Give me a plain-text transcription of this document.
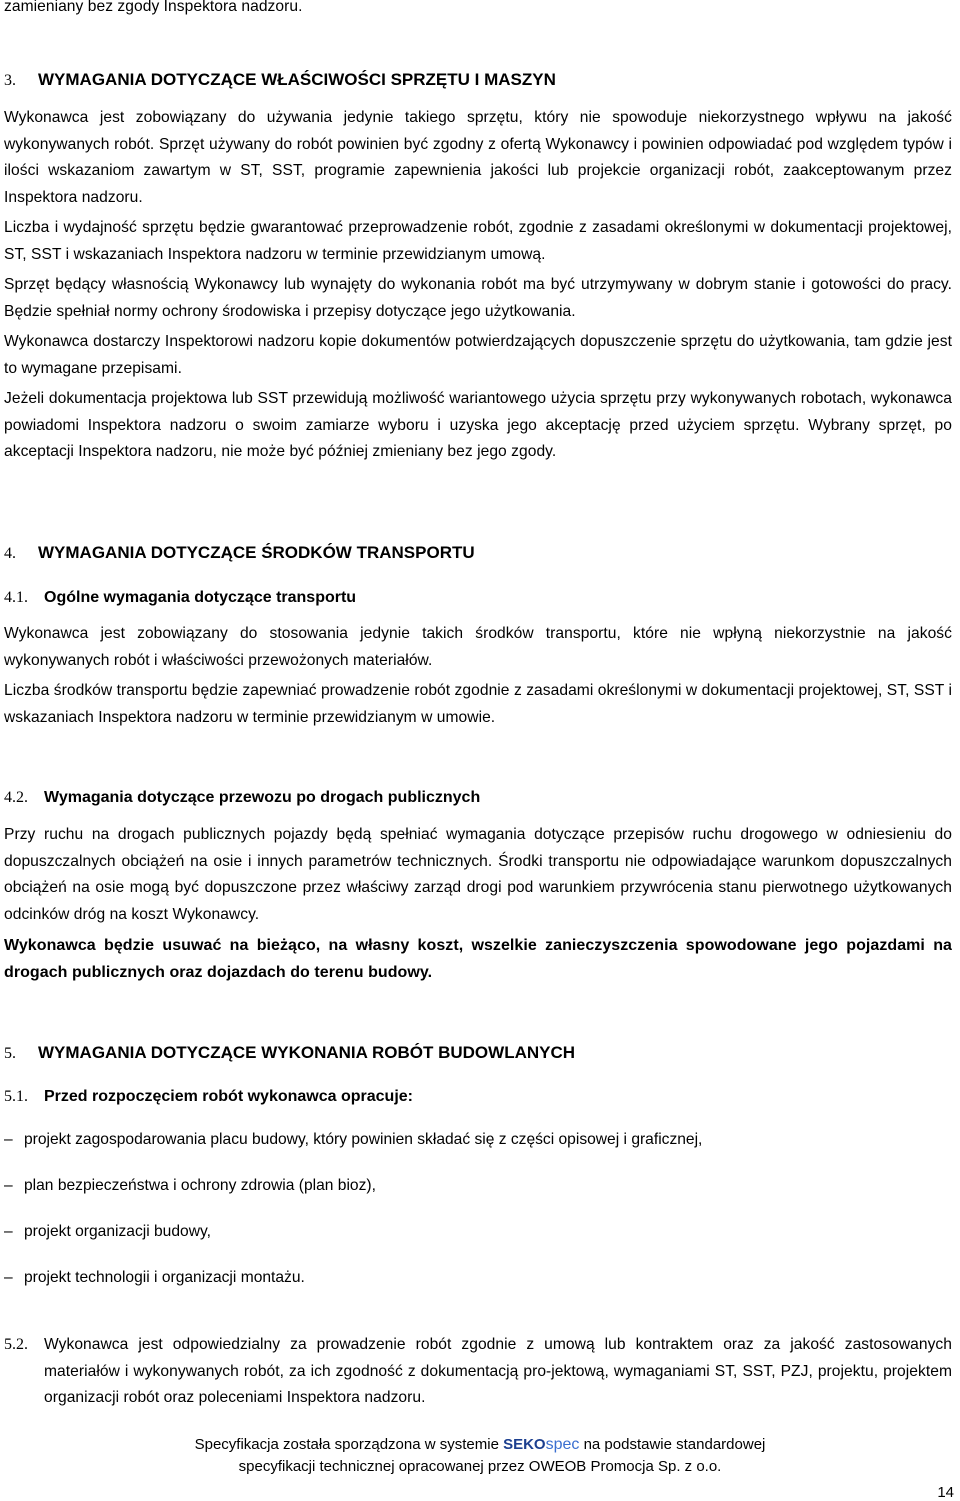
zamieniany bez zgody Inspektora nadzoru.

3. WYMAGANIA DOTYCZĄCE WŁAŚCIWOŚCI SPRZĘTU I MASZYN

Wykonawca jest zobowiązany do używania jedynie takiego sprzętu, który nie spowoduje niekorzystnego wpływu na jakość wykonywanych robót. Sprzęt używany do robót powinien być zgodny z ofertą Wykonawcy i powinien odpowiadać pod względem typów i ilości wskazaniom zawartym w ST, SST, programie zapewnienia jakości lub projekcie organizacji robót, zaakceptowanym przez Inspektora nadzoru.

Liczba i wydajność sprzętu będzie gwarantować przeprowadzenie robót, zgodnie z zasadami określonymi w dokumentacji projektowej, ST, SST i wskazaniach Inspektora nadzoru w terminie przewidzianym umową.

Sprzęt będący własnością Wykonawcy lub wynajęty do wykonania robót ma być utrzymywany w dobrym stanie i gotowości do pracy. Będzie spełniał normy ochrony środowiska i przepisy dotyczące jego użytkowania.

Wykonawca dostarczy Inspektorowi nadzoru kopie dokumentów potwierdzających dopuszczenie sprzętu do użytkowania, tam gdzie jest to wymagane przepisami.

Jeżeli dokumentacja projektowa lub SST przewidują możliwość wariantowego użycia sprzętu przy wykonywanych robotach, wykonawca powiadomi Inspektora nadzoru o swoim zamiarze wyboru i uzyska jego akceptację przed użyciem sprzętu. Wybrany sprzęt, po akceptacji Inspektora nadzoru, nie może być później zmieniany bez jego zgody.

4. WYMAGANIA DOTYCZĄCE ŚRODKÓW TRANSPORTU

4.1. Ogólne wymagania dotyczące transportu

Wykonawca jest zobowiązany do stosowania jedynie takich środków transportu, które nie wpłyną niekorzystnie na jakość wykonywanych robót i właściwości przewożonych materiałów.

Liczba środków transportu będzie zapewniać prowadzenie robót zgodnie z zasadami określonymi w dokumentacji projektowej, ST, SST i wskazaniach Inspektora nadzoru w terminie przewidzianym w umowie.

4.2. Wymagania dotyczące przewozu po drogach publicznych

Przy ruchu na drogach publicznych pojazdy będą spełniać wymagania dotyczące przepisów ruchu drogowego w odniesieniu do dopuszczalnych obciążeń na osie i innych parametrów technicznych. Środki transportu nie odpowiadające warunkom dopuszczalnych obciążeń na osie mogą być dopuszczone przez właściwy zarząd drogi pod warunkiem przywrócenia stanu pierwotnego użytkowanych odcinków dróg na koszt Wykonawcy.

Wykonawca będzie usuwać na bieżąco, na własny koszt, wszelkie zanieczyszczenia spowodowane jego pojazdami na drogach publicznych oraz dojazdach do terenu budowy.

5. WYMAGANIA DOTYCZĄCE WYKONANIA ROBÓT BUDOWLANYCH

5.1. Przed rozpoczęciem robót wykonawca opracuje:

– projekt zagospodarowania placu budowy, który powinien składać się z części opisowej i graficznej,
– plan bezpieczeństwa i ochrony zdrowia (plan bioz),
– projekt organizacji budowy,
– projekt technologii i organizacji montażu.
5.2.	Wykonawca jest odpowiedzialny za prowadzenie robót zgodnie z umową lub kontraktem oraz za jakość zastosowanych materiałów i wykonywanych robót, za ich zgodność z dokumentacją pro-jektową, wymaganiami ST, SST, PZJ, projektu, projektem organizacji robót oraz poleceniami Inspektora nadzoru.

Specyfikacja została sporządzona w systemie SEKOspec na podstawie standardowej
specyfikacji technicznej opracowanej przez OWEOB Promocja Sp. z o.o.
14
